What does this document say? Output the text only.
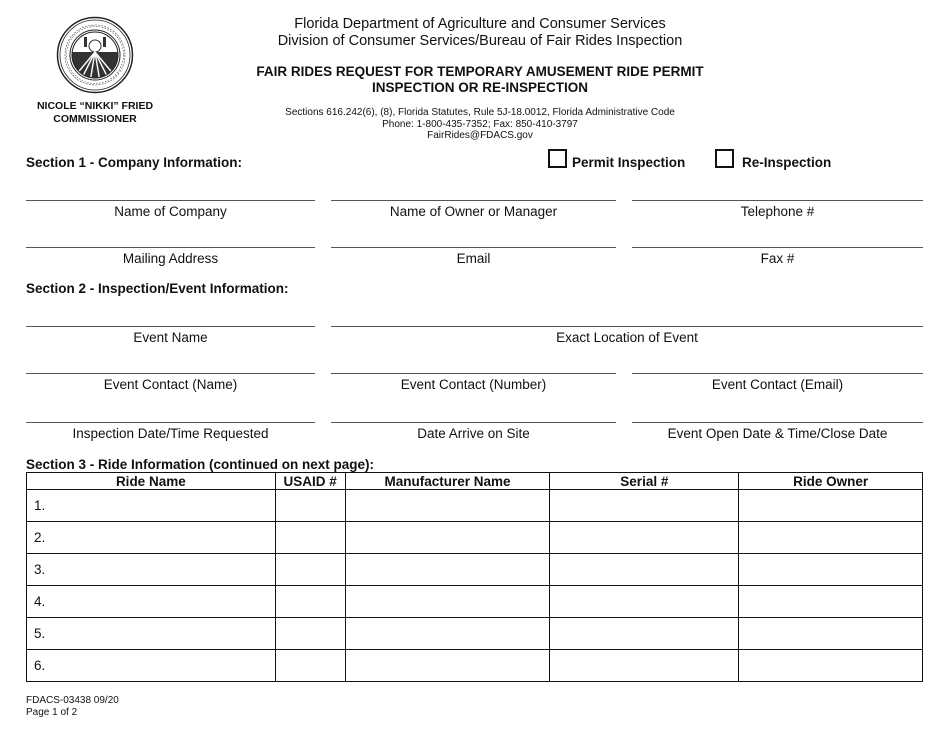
NICOLE “NIKKI” FRIED
COMMISSIONER
Florida Department of Agriculture and Consumer Services
Division of Consumer Services/Bureau of Fair Rides Inspection
FAIR RIDES REQUEST FOR TEMPORARY AMUSEMENT RIDE PERMIT
INSPECTION OR RE-INSPECTION
Sections 616.242(6), (8), Florida Statutes, Rule 5J-18.0012, Florida Administrative Code
Phone: 1-800-435-7352; Fax: 850-410-3797
FairRides@FDACS.gov
Section 1 - Company Information:	Permit Inspection	Re-Inspection
Name of Company	Name of Owner or Manager	Telephone #
Mailing Address	Email	Fax #
Section 2 - Inspection/Event Information:
Event Name	Exact Location of Event
Event Contact (Name)	Event Contact (Number)	Event Contact (Email)
Inspection Date/Time Requested	Date Arrive on Site	Event Open Date & Time/Close Date
Section 3 - Ride Information (continued on next page):
Ride Name	USAID #	Manufacturer Name	Serial #	Ride Owner
1.				
2.				
3.				
4.				
5.				
6.				
FDACS-03438 09/20
Page 1 of 2
